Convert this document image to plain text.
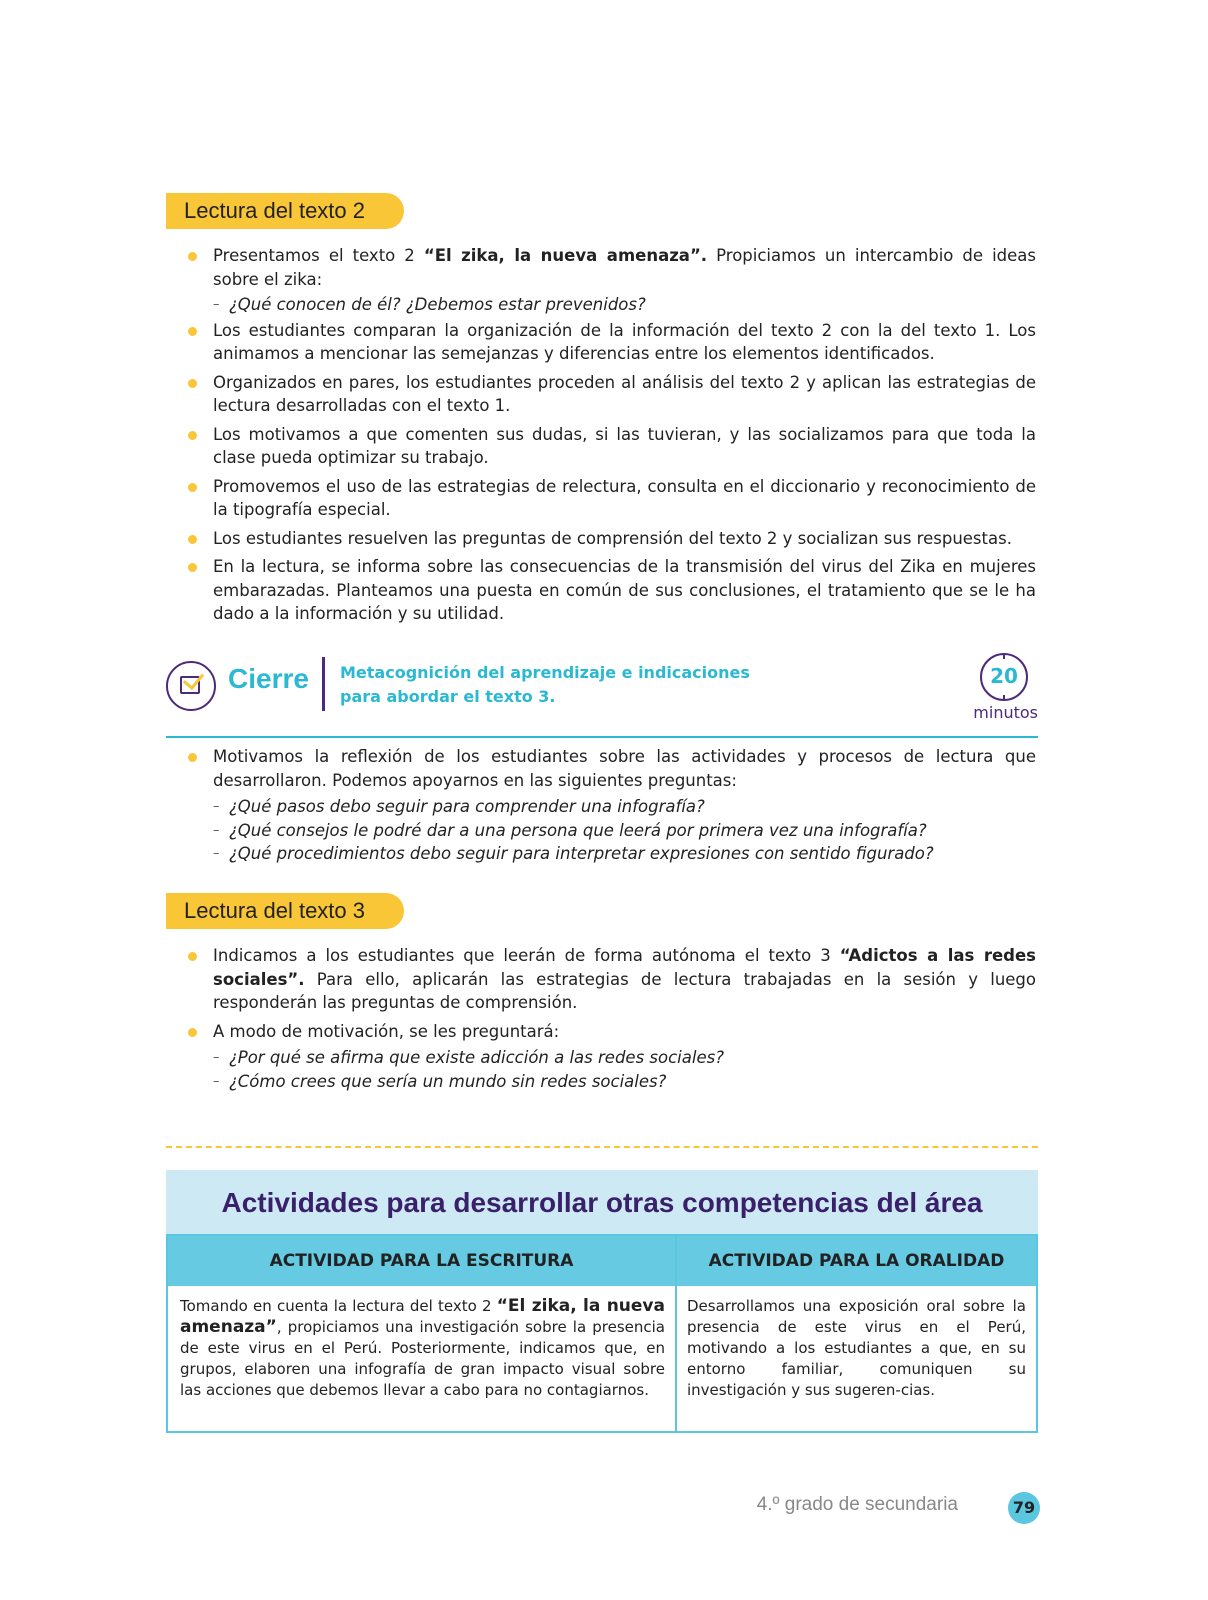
Lectura del texto 2
Presentamos el texto 2 “El zika, la nueva amenaza”. Propiciamos un intercambio de ideas sobre el zika:
– ¿Qué conocen de él? ¿Debemos estar prevenidos?
Los estudiantes comparan la organización de la información del texto 2 con la del texto 1. Los animamos a mencionar las semejanzas y diferencias entre los elementos identificados.
Organizados en pares, los estudiantes proceden al análisis del texto 2 y aplican las estrategias de lectura desarrolladas con el texto 1.
Los motivamos a que comenten sus dudas, si las tuvieran, y las socializamos para que toda la clase pueda optimizar su trabajo.
Promovemos el uso de las estrategias de relectura, consulta en el diccionario y reconocimiento de la tipografía especial.
Los estudiantes resuelven las preguntas de comprensión del texto 2 y socializan sus respuestas.
En la lectura, se informa sobre las consecuencias de la transmisión del virus del Zika en mujeres embarazadas. Planteamos una puesta en común de sus conclusiones, el tratamiento que se le ha dado a la información y su utilidad.
Cierre Metacognición del aprendizaje e indicaciones
para abordar el texto 3.
20
minutos
Motivamos la reflexión de los estudiantes sobre las actividades y procesos de lectura que desarrollaron. Podemos apoyarnos en las siguientes preguntas:
– ¿Qué pasos debo seguir para comprender una infografía?
– ¿Qué consejos le podré dar a una persona que leerá por primera vez una infografía?
– ¿Qué procedimientos debo seguir para interpretar expresiones con sentido figurado?
Lectura del texto 3
Indicamos a los estudiantes que leerán de forma autónoma el texto 3 “Adictos a las redes sociales”. Para ello, aplicarán las estrategias de lectura trabajadas en la sesión y luego responderán las preguntas de comprensión.
A modo de motivación, se les preguntará:
– ¿Por qué se afirma que existe adicción a las redes sociales?
– ¿Cómo crees que sería un mundo sin redes sociales?
Actividades para desarrollar otras competencias del área
ACTIVIDAD PARA LA ESCRITURA	ACTIVIDAD PARA LA ORALIDAD
Tomando en cuenta la lectura del texto 2 “El zika, la nueva amenaza”, propiciamos una investigación sobre la presencia de este virus en el Perú. Posteriormente, indicamos que, en grupos, elaboren una infografía de gran impacto visual sobre las acciones que debemos llevar a cabo para no contagiarnos.
Desarrollamos una exposición oral sobre la presencia de este virus en el Perú, motivando a los estudiantes a que, en su entorno familiar, comuniquen su investigación y sus sugeren-cias.
4.º grado de secundaria	79
